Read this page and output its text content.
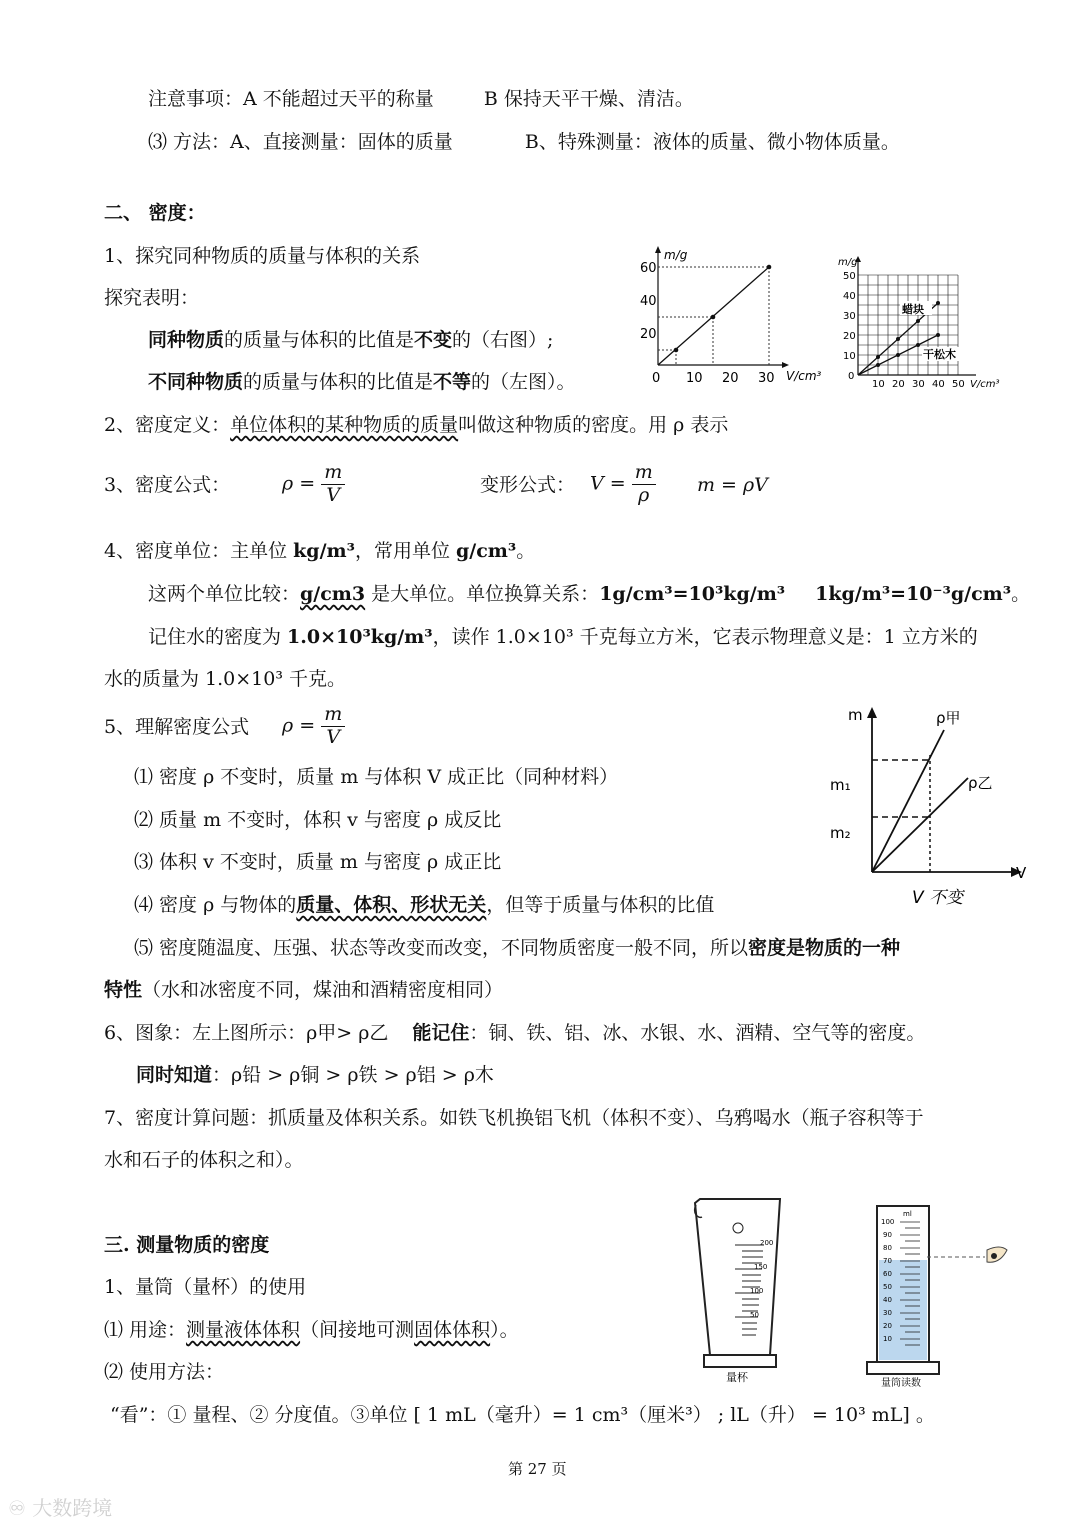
注意事项：A 不能超过天平的称量	B 保持天平干燥、清洁。
⑶ 方法：A、直接测量：固体的质量	B、特殊测量：液体的质量、微小物体质量。
二、 密度：
1、探究同种物质的质量与体积的关系
探究表明：
同种物质的质量与体积的比值是不变的（右图）;
不同种物质的质量与体积的比值是不等的（左图）。
2、密度定义：单位体积的某种物质的质量叫做这种物质的密度。用 ρ 表示
3、密度公式：	$\rho = \frac{m}{V}$	变形公式： $V = \frac{m}{\rho}$ m = ρV
4、密度单位：主单位 kg/m³，常用单位 g/cm³。
这两个单位比较：g/cm3 是大单位。单位换算关系：1g/cm³=10³kg/m³ 1kg/m³=10⁻³g/cm³。
记住水的密度为 1.0×10³kg/m³，读作 1.0×10³ 千克每立方米，它表示物理意义是：1 立方米的
水的质量为 1.0×10³ 千克。
5、理解密度公式 $\rho = \frac{m}{V}$
⑴ 密度 ρ 不变时，质量 m 与体积 V 成正比（同种材料）
⑵ 质量 m 不变时，体积 v 与密度 ρ 成反比
⑶ 体积 v 不变时，质量 m 与密度 ρ 成正比
⑷ 密度 ρ 与物体的质量、体积、形状无关，但等于质量与体积的比值
⑸ 密度随温度、压强、状态等改变而改变，不同物质密度一般不同，所以密度是物质的一种
特性（水和冰密度不同，煤油和酒精密度相同）
6、图象：左上图所示：ρ甲> ρ乙 能记住：铜、铁、铝、冰、水银、水、酒精、空气等的密度。
同时知道：ρ铅 > ρ铜 > ρ铁 > ρ铝 > ρ木
7、密度计算问题：抓质量及体积关系。如铁飞机换铝飞机（体积不变）、乌鸦喝水（瓶子容积等于
水和石子的体积之和）。
三. 测量物质的密度
1、量筒（量杯）的使用
⑴ 用途：测量液体体积（间接地可测固体体积）。
⑵ 使用方法：
“看”：① 量程、② 分度值。③单位 [ 1 mL（毫升）= 1 cm³（厘米³） ; lL（升） = 10³ mL] 。
m/g
V/cm³
60
40
20
0 10 20 30
m/g
V/cm³
50
40
30
20
10
0
10 20 30 40 50
蜡块
干松木
m
V
m₁
m₂
ρ甲
ρ乙
V 不变
200
150
100
50
量杯
ml
100
90
80
70
60
50
40
30
20
10
量筒读数
第 27 页
♾ 大数跨境
